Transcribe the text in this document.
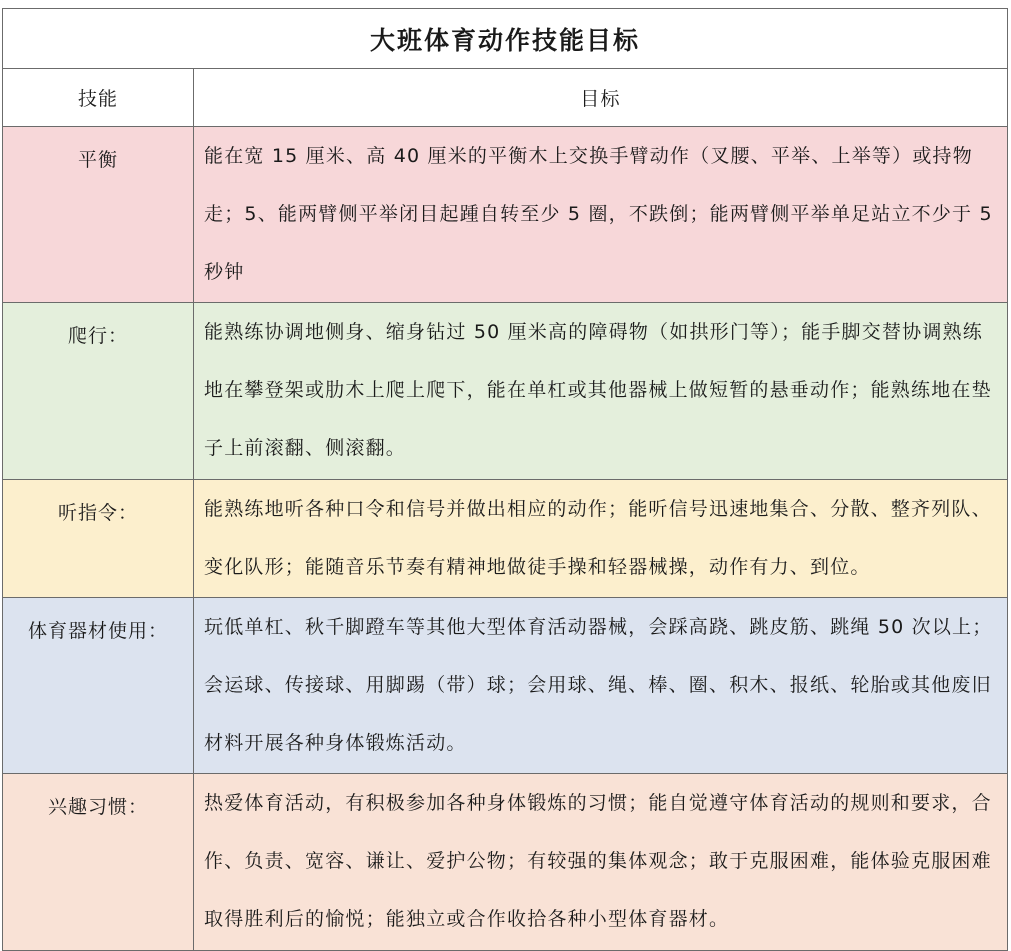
大班体育动作技能目标
技能	目标
平衡	能在宽 15 厘米、高 40 厘米的平衡木上交换手臂动作（叉腰、平举、上举等）或持物走；5、能两臂侧平举闭目起踵自转至少 5 圈，不跌倒；能两臂侧平举单足站立不少于 5 秒钟
爬行：	能熟练协调地侧身、缩身钻过 50 厘米高的障碍物（如拱形门等）；能手脚交替协调熟练地在攀登架或肋木上爬上爬下，能在单杠或其他器械上做短暂的悬垂动作；能熟练地在垫子上前滚翻、侧滚翻。
听指令：	能熟练地听各种口令和信号并做出相应的动作；能听信号迅速地集合、分散、整齐列队、变化队形；能随音乐节奏有精神地做徒手操和轻器械操，动作有力、到位。
体育器材使用：	玩低单杠、秋千脚蹬车等其他大型体育活动器械，会踩高跷、跳皮筋、跳绳 50 次以上；会运球、传接球、用脚踢（带）球；会用球、绳、棒、圈、积木、报纸、轮胎或其他废旧材料开展各种身体锻炼活动。
兴趣习惯：	热爱体育活动，有积极参加各种身体锻炼的习惯；能自觉遵守体育活动的规则和要求，合作、负责、宽容、谦让、爱护公物；有较强的集体观念；敢于克服困难，能体验克服困难取得胜利后的愉悦；能独立或合作收拾各种小型体育器材。
